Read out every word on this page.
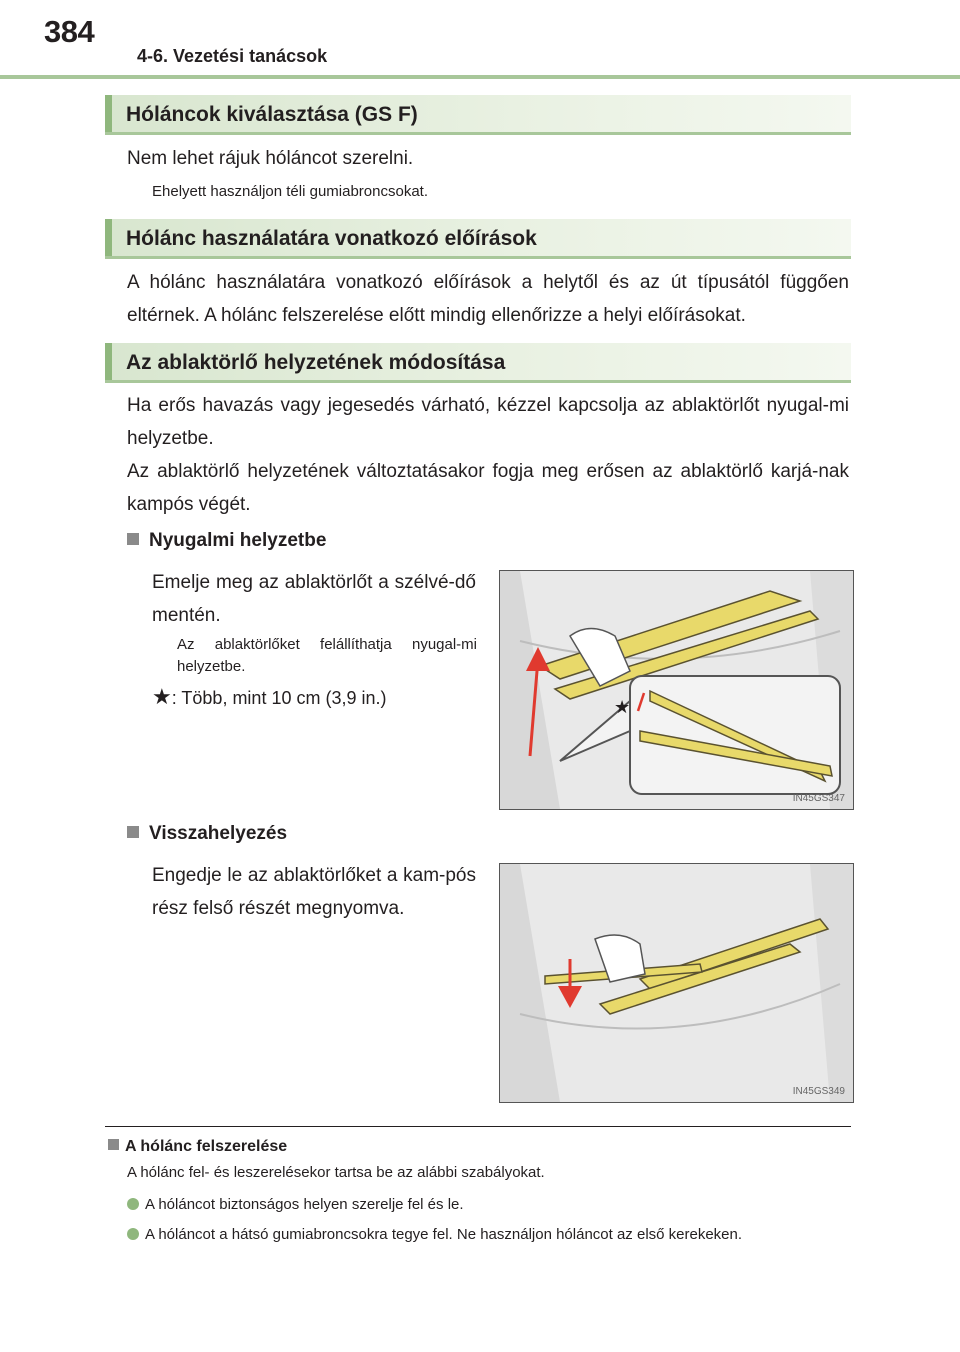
384
4-6. Vezetési tanácsok
Hóláncok kiválasztása (GS F)

Nem lehet rájuk hóláncot szerelni.

Ehelyett használjon téli gumiabroncsokat.

Hólánc használatára vonatkozó előírások

A hólánc használatára vonatkozó előírások a helytől és az út típusától függően eltérnek. A hólánc felszerelése előtt mindig ellenőrizze a helyi előírásokat.

Az ablaktörlő helyzetének módosítása

Ha erős havazás vagy jegesedés várható, kézzel kapcsolja az ablaktörlőt nyugal-mi helyzetbe.

Az ablaktörlő helyzetének változtatásakor fogja meg erősen az ablaktörlő karjá-nak kampós végét.

Nyugalmi helyzetbe

Emelje meg az ablaktörlőt a szélvé-dő mentén.

Az ablaktörlőket felállíthatja nyugal-mi helyzetbe.

★: Több, mint 10 cm (3,9 in.)	★
IN45GS347
Visszahelyezés

Engedje le az ablaktörlőket a kam-pós rész felső részét megnyomva.

IN45GS349
A hólánc felszerelése
A hólánc fel- és leszerelésekor tartsa be az alábbi szabályokat.
A hóláncot biztonságos helyen szerelje fel és le.
A hóláncot a hátsó gumiabroncsokra tegye fel. Ne használjon hóláncot az első kerekeken.
